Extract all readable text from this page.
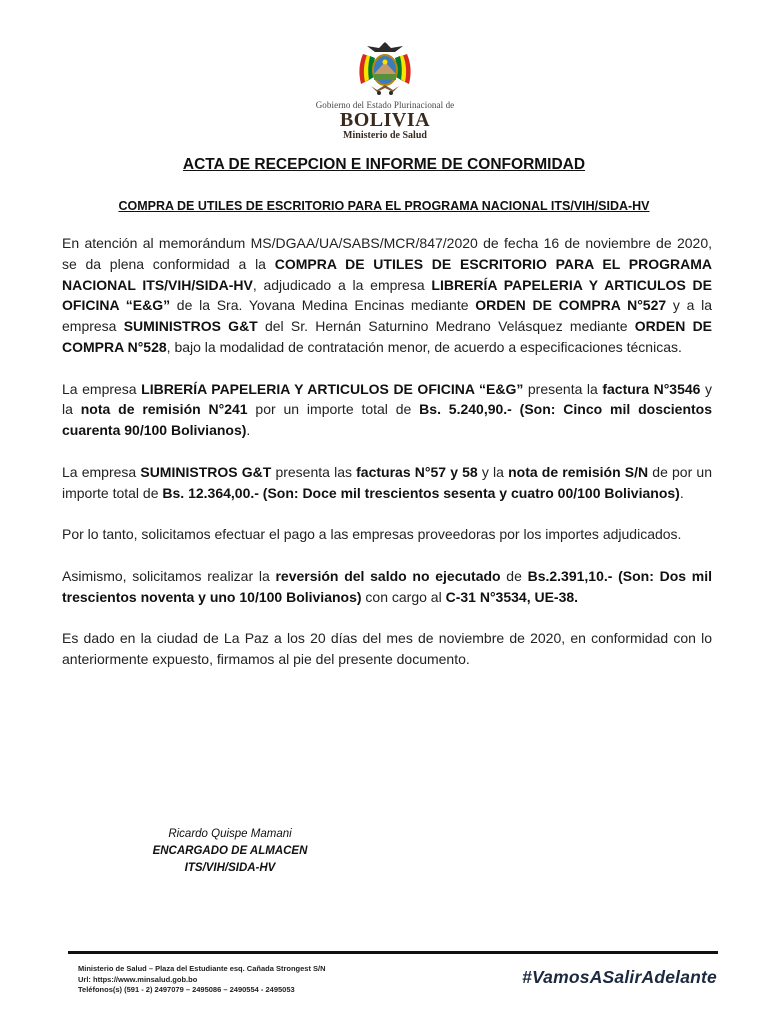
Gobierno del Estado Plurinacional de
BOLIVIA
Ministerio de Salud
ACTA DE RECEPCION E INFORME DE CONFORMIDAD
COMPRA DE UTILES DE ESCRITORIO PARA EL PROGRAMA NACIONAL ITS/VIH/SIDA-HV

En atención al memorándum MS/DGAA/UA/SABS/MCR/847/2020 de fecha 16 de noviembre de 2020, se da plena conformidad a la COMPRA DE UTILES DE ESCRITORIO PARA EL PROGRAMA NACIONAL ITS/VIH/SIDA-HV, adjudicado a la empresa LIBRERÍA PAPELERIA Y ARTICULOS DE OFICINA “E&G” de la Sra. Yovana Medina Encinas mediante ORDEN DE COMPRA N°527 y a la empresa SUMINISTROS G&T del Sr. Hernán Saturnino Medrano Velásquez mediante ORDEN DE COMPRA N°528, bajo la modalidad de contratación menor, de acuerdo a especificaciones técnicas.

La empresa LIBRERÍA PAPELERIA Y ARTICULOS DE OFICINA “E&G” presenta la factura N°3546 y la nota de remisión N°241 por un importe total de Bs. 5.240,90.- (Son: Cinco mil doscientos cuarenta 90/100 Bolivianos).

La empresa SUMINISTROS G&T presenta las facturas N°57 y 58 y la nota de remisión S/N de por un importe total de Bs. 12.364,00.- (Son: Doce mil trescientos sesenta y cuatro 00/100 Bolivianos).

Por lo tanto, solicitamos efectuar el pago a las empresas proveedoras por los importes adjudicados.

Asimismo, solicitamos realizar la reversión del saldo no ejecutado de Bs.2.391,10.- (Son: Dos mil trescientos noventa y uno 10/100 Bolivianos) con cargo al C-31 N°3534, UE-38.

Es dado en la ciudad de La Paz a los 20 días del mes de noviembre de 2020, en conformidad con lo anteriormente expuesto, firmamos al pie del presente documento.

Ricardo Quispe Mamani
ENCARGADO DE ALMACEN
ITS/VIH/SIDA-HV
Ministerio de Salud – Plaza del Estudiante esq. Cañada Strongest S/N
Url: https://www.minsalud.gob.bo
Teléfonos(s) (591 - 2) 2497079 – 2495086 – 2490554 - 2495053
#VamosASalirAdelante
